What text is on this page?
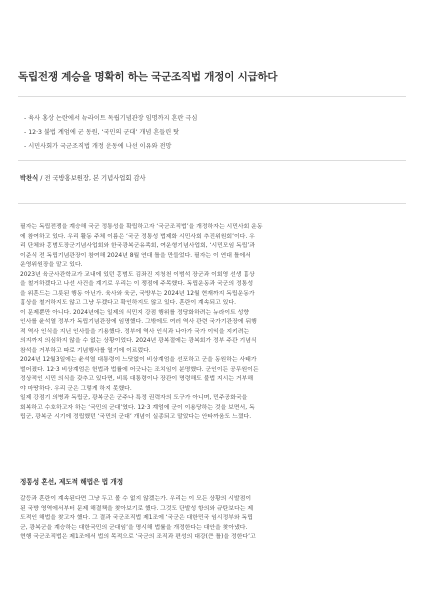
독립전쟁 계승을 명확히 하는 국군조직법 개정이 시급하다
- 육사 홍상 논란에서 뉴라이트 독립기념관장 임명까지 혼란 극심
- 12·3 불법 계엄에 군 동원, ‘국민의 군대’ 개념 흔들린 탓
- 시민사회가 국군조직법 개정 운동에 나선 이유와 전망
박찬식 / 전 국방홍보원장, 본 기념사업회 감사
필자는 독립전쟁을 계승해 국군 정통성을 확립하고자 ‘국군조직법’을 개정하자는 시민사회 운동
에 참여하고 있다. 우리 활동 주체 이름은 ‘국군 정통성 법제화 시민사회 추진위원회’이다. 우
리 단체와 홍범도장군기념사업회와 한국광복군유족회, 여운형기념사업회, ‘시민모임 독립’과
이준식 전 독립기념관장이 참여해 2024년 8월 연대 틀을 만들었다. 필자는 이 연대 틀에서
운영위원장을 맡고 있다.
2023년 육군사관학교가 교내에 있던 홍범도 김좌진 지청천 이범석 장군과 이회영 선생 흉상
을 철거하겠다고 나선 사건을 계기로 우리는 이 쟁점에 주목했다. 독립운동과 국군의 정통성
을 위혼드는 그릇된 행동 아닌가. 육사와 육군, 국방부는 2024년 12월 현재까지 독립운동가
흉상을 철거하지도 않고 그냥 두겠다고 확인하지도 않고 있다. 혼란이 계속되고 있다.
이 문제뿐만 아니다. 2024년에는 일제의 식민지 강점 행위를 정당화하려는 뉴라이트 성향
인사를 윤석열 정부가 독립기념관장에 임명했다. 그밖에도 여러 역사 관련 국가기관장에 뒤행
적 역사 인식을 지닌 인사들을 기용했다. 정부에 역사 인식과 나아가 국가 이익을 지키려는
의지까지 의심하지 않을 수 없는 상황이었다. 2024년 광복절에는 광복회가 정부 주관 기념식
참석을 거부하고 따로 기념행사를 열기에 이르렀다.
2024년 12월3일에는 윤석열 대통령이 느닷없이 비상계엄을 선포하고 군을 동원하는 사태가
벌어졌다. 12·3 비상계엄은 헌법과 법률에 어긋나는 조치임이 분명했다. 군인이든 공무원이든
정상적인 시민 의식을 갖추고 있다면, 비록 대통령이나 장관이 명령해도 불법 지시는 거부해
야 마땅하다. 우리 군은 그렇게 하지 못했다.
일제 강점기 의병과 독립군, 광복군은 군주나 특정 권력자의 도구가 아니며, 민주공화국을
회복하고 수호하고자 하는 ‘국민의 군대’였다. 12·3 계엄에 군이 이용당하는 것을 보면서, 독
립군, 광복군 시기에 정립했던 ‘국민의 군대’ 개념이 실종되고 말았다는 안타까움도 느꼈다.
정통성 혼선, 제도적 해법은 법 개정
갈등과 혼란이 계속된다면 그냥 두고 볼 수 없지 않겠는가. 우리는 이 모든 상황의 시발점이
된 국방 영역에서부터 문제 해결책을 찾아보기로 했다. 그것도 단발성 항의와 규탄보다는 제
도적인 해법을 찾고자 했다. 그 결과 국군조직법 제1조에 ‘국군은 대한민국 임시정부와 독립
군, 광복군을 계승하는 대한국민의 군대임’을 명시해 법률을 개정한다는 대안을 찾아냈다.
현행 국군조직법은 제1조에서 법의 목적으로 ‘국군의 조직과 편성의 대강(큰 틀)을 정한다’고
